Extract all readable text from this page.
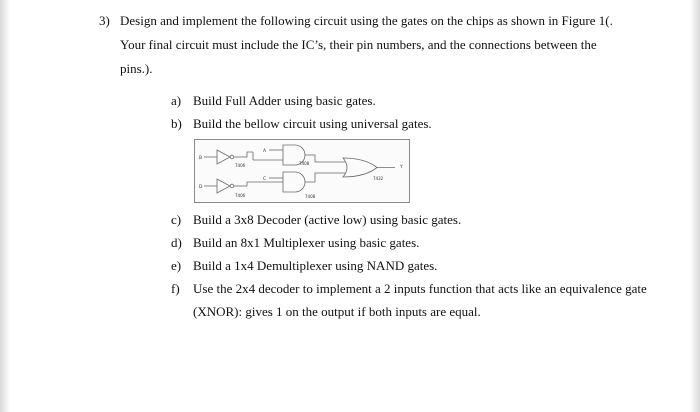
3) Design and implement the following circuit using the gates on the chips as shown in Figure 1(.
Your final circuit must include the IC’s, their pin numbers, and the connections between the
pins.).
a) Build Full Adder using basic gates.
b) Build the bellow circuit using universal gates.
B
A
C
D
Y
7406
7406
7408
7408
7432
c) Build a 3x8 Decoder (active low) using basic gates.
d) Build an 8x1 Multiplexer using basic gates.
e) Build a 1x4 Demultiplexer using NAND gates.
f) Use the 2x4 decoder to implement a 2 inputs function that acts like an equivalence gate
(XNOR): gives 1 on the output if both inputs are equal.
